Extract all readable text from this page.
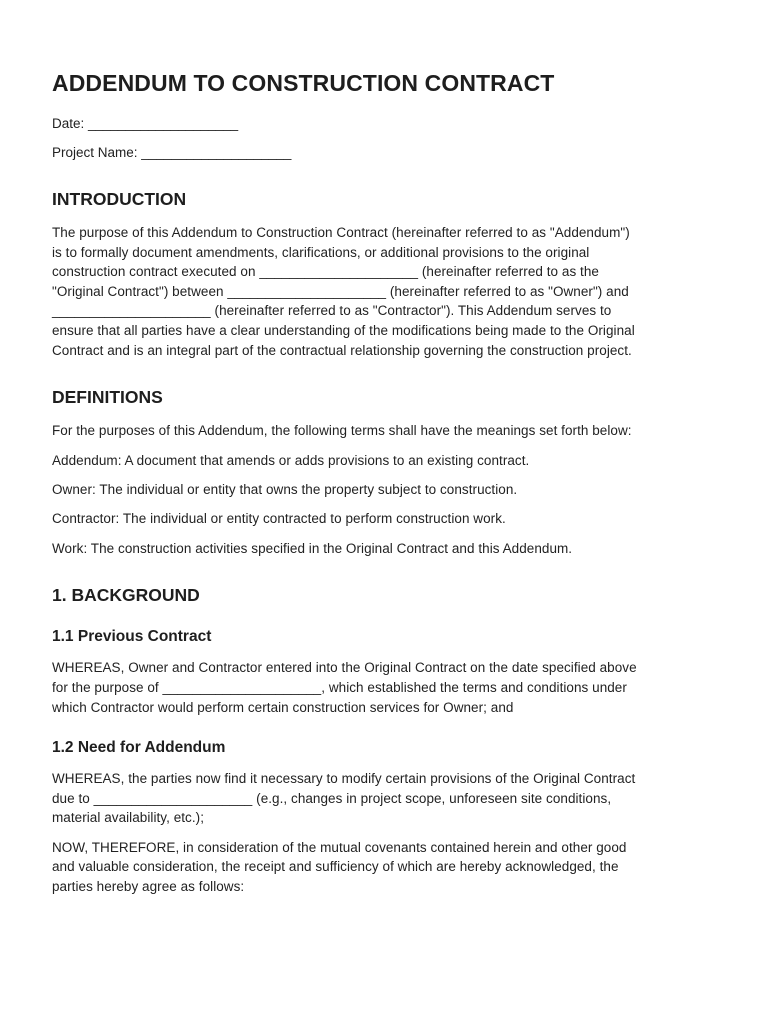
ADDENDUM TO CONSTRUCTION CONTRACT
Date: ____________________
Project Name: ____________________
INTRODUCTION

The purpose of this Addendum to Construction Contract (hereinafter referred to as "Addendum")
is to formally document amendments, clarifications, or additional provisions to the original
construction contract executed on _____________________ (hereinafter referred to as the
"Original Contract") between _____________________ (hereinafter referred to as "Owner") and
_____________________ (hereinafter referred to as "Contractor"). This Addendum serves to
ensure that all parties have a clear understanding of the modifications being made to the Original
Contract and is an integral part of the contractual relationship governing the construction project.

DEFINITIONS

For the purposes of this Addendum, the following terms shall have the meanings set forth below:

Addendum: A document that amends or adds provisions to an existing contract.

Owner: The individual or entity that owns the property subject to construction.

Contractor: The individual or entity contracted to perform construction work.

Work: The construction activities specified in the Original Contract and this Addendum.

1. BACKGROUND
1.1 Previous Contract

WHEREAS, Owner and Contractor entered into the Original Contract on the date specified above
for the purpose of _____________________, which established the terms and conditions under
which Contractor would perform certain construction services for Owner; and

1.2 Need for Addendum

WHEREAS, the parties now find it necessary to modify certain provisions of the Original Contract
due to _____________________ (e.g., changes in project scope, unforeseen site conditions,
material availability, etc.);

NOW, THEREFORE, in consideration of the mutual covenants contained herein and other good
and valuable consideration, the receipt and sufficiency of which are hereby acknowledged, the
parties hereby agree as follows:
